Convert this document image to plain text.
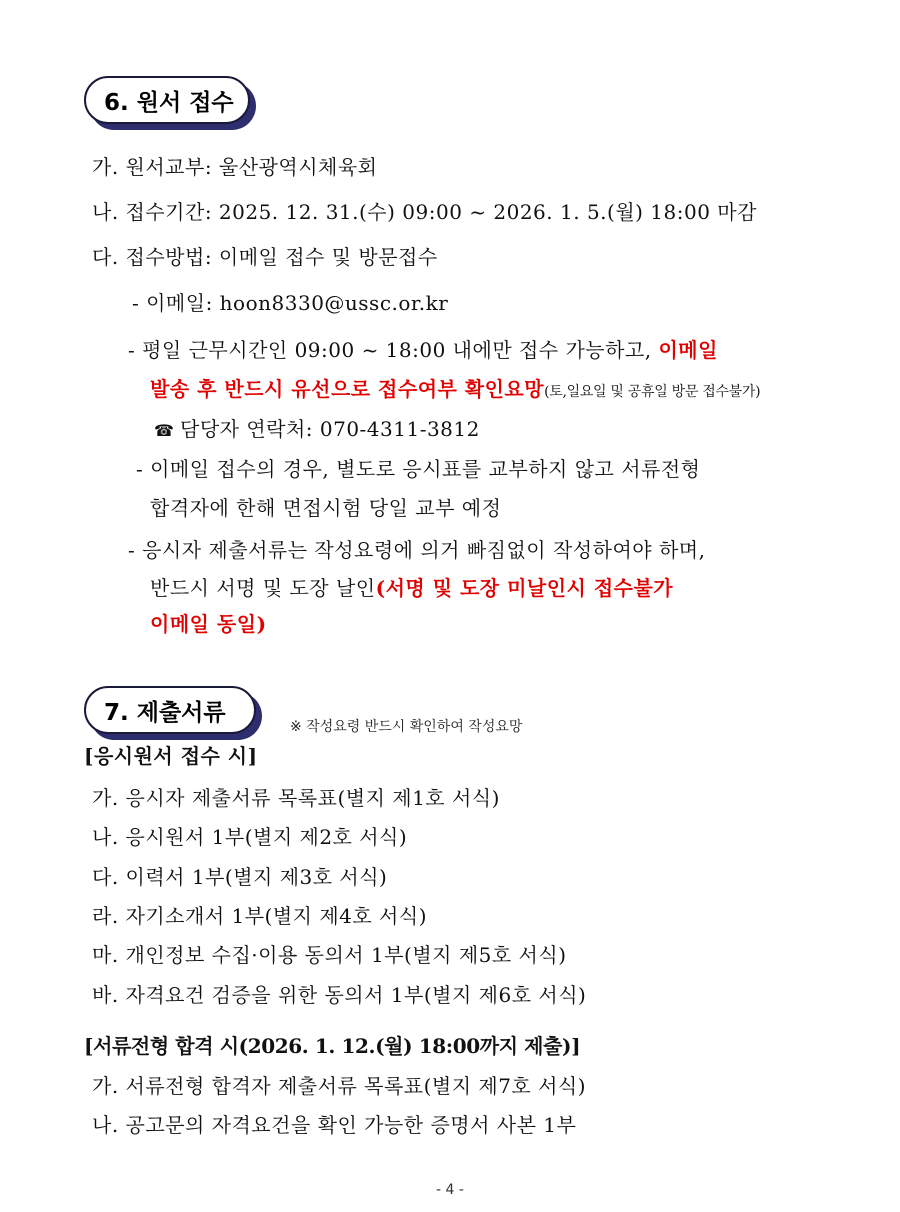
6. 원서 접수
가. 원서교부: 울산광역시체육회
나. 접수기간: 2025. 12. 31.(수) 09:00 ~ 2026. 1. 5.(월) 18:00 마감
다. 접수방법: 이메일 접수 및 방문접수
- 이메일: hoon8330@ussc.or.kr
- 평일 근무시간인 09:00 ~ 18:00 내에만 접수 가능하고, 이메일
발송 후 반드시 유선으로 접수여부 확인요망(토,일요일 및 공휴일 방문 접수불가)
☎ 담당자 연락처: 070-4311-3812
- 이메일 접수의 경우, 별도로 응시표를 교부하지 않고 서류전형
합격자에 한해 면접시험 당일 교부 예정
- 응시자 제출서류는 작성요령에 의거 빠짐없이 작성하여야 하며,
반드시 서명 및 도장 날인(서명 및 도장 미날인시 접수불가
이메일 동일)
7. 제출서류
※ 작성요령 반드시 확인하여 작성요망
[응시원서 접수 시]
가. 응시자 제출서류 목록표(별지 제1호 서식)
나. 응시원서 1부(별지 제2호 서식)
다. 이력서 1부(별지 제3호 서식)
라. 자기소개서 1부(별지 제4호 서식)
마. 개인정보 수집·이용 동의서 1부(별지 제5호 서식)
바. 자격요건 검증을 위한 동의서 1부(별지 제6호 서식)
[서류전형 합격 시(2026. 1. 12.(월) 18:00까지 제출)]
가. 서류전형 합격자 제출서류 목록표(별지 제7호 서식)
나. 공고문의 자격요건을 확인 가능한 증명서 사본 1부
- 4 -
